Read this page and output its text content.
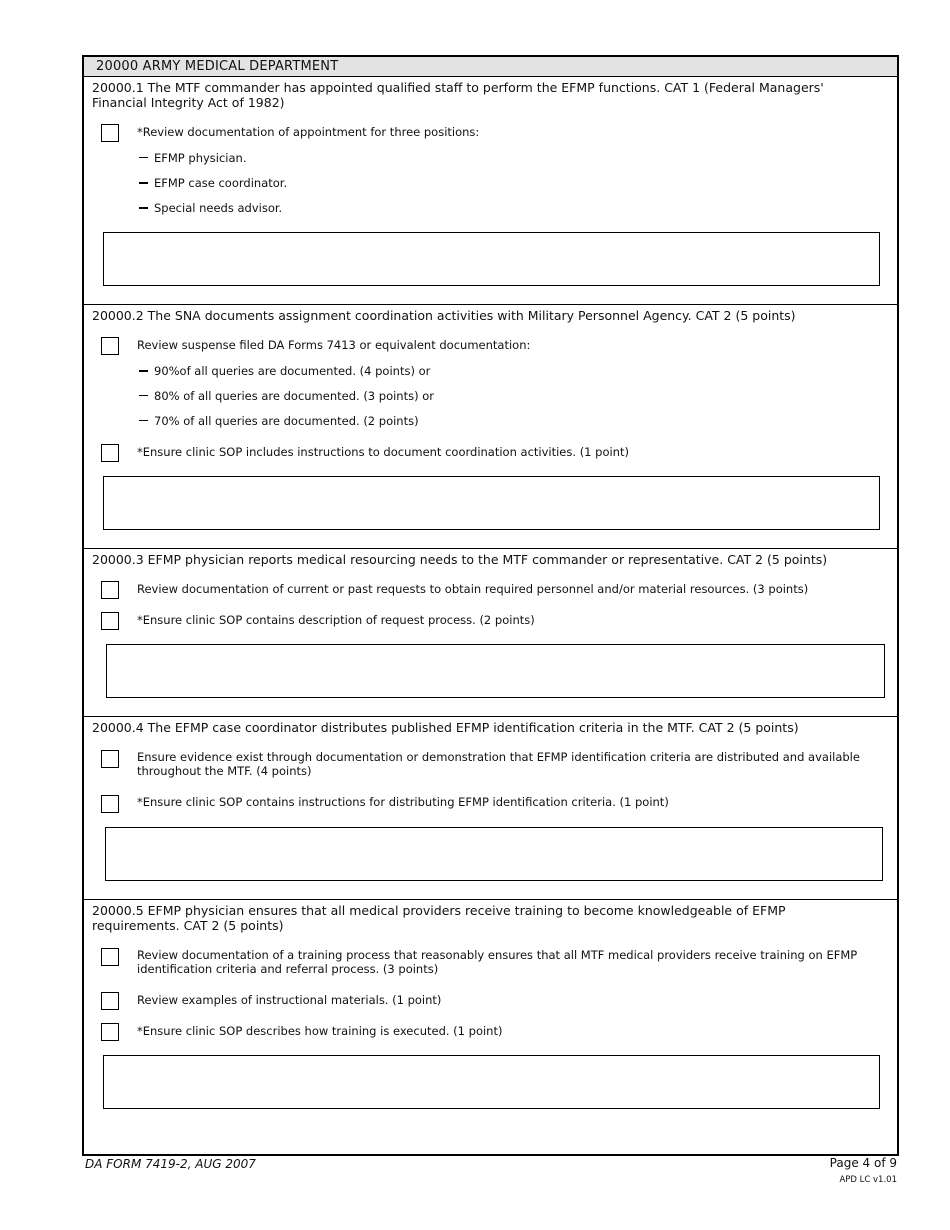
20000 ARMY MEDICAL DEPARTMENT
20000.1 The MTF commander has appointed qualified staff to perform the EFMP functions. CAT 1 (Federal Managers' Financial Integrity Act of 1982)
*Review documentation of appointment for three positions:
EFMP physician.
EFMP case coordinator.
Special needs advisor.
20000.2 The SNA documents assignment coordination activities with Military Personnel Agency. CAT 2 (5 points)
Review suspense filed DA Forms 7413 or equivalent documentation:
90%of all queries are documented. (4 points) or
80% of all queries are documented. (3 points) or
70% of all queries are documented. (2 points)
*Ensure clinic SOP includes instructions to document coordination activities. (1 point)
20000.3 EFMP physician reports medical resourcing needs to the MTF commander or representative. CAT 2 (5 points)
Review documentation of current or past requests to obtain required personnel and/or material resources. (3 points)
*Ensure clinic SOP contains description of request process. (2 points)
20000.4 The EFMP case coordinator distributes published EFMP identification criteria in the MTF. CAT 2 (5 points)
Ensure evidence exist through documentation or demonstration that EFMP identification criteria are distributed and available throughout the MTF. (4 points)
*Ensure clinic SOP contains instructions for distributing EFMP identification criteria. (1 point)
20000.5 EFMP physician ensures that all medical providers receive training to become knowledgeable of EFMP requirements. CAT 2 (5 points)
Review documentation of a training process that reasonably ensures that all MTF medical providers receive training on EFMP identification criteria and referral process. (3 points)
Review examples of instructional materials. (1 point)
*Ensure clinic SOP describes how training is executed. (1 point)
DA FORM 7419-2, AUG 2007	Page 4 of 9
APD LC v1.01
